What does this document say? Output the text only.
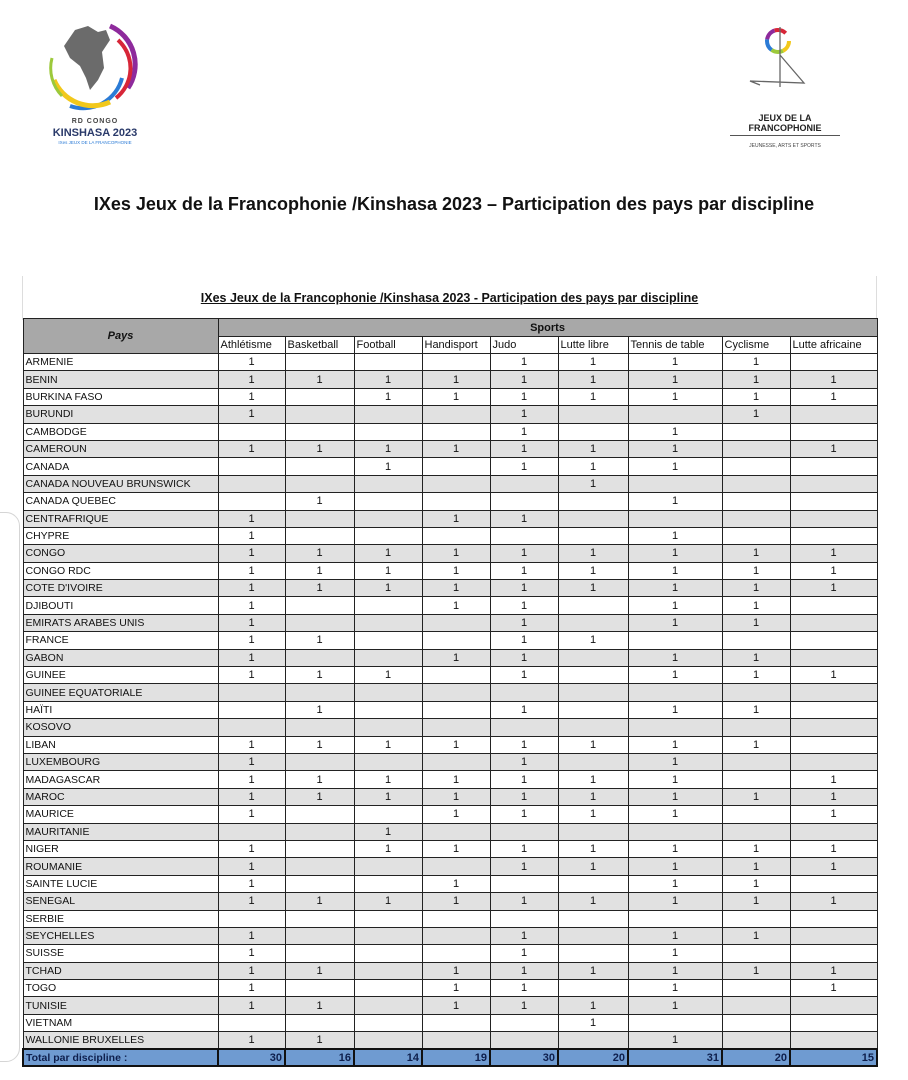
RD CONGO
KINSHASA 2023
IXes JEUX DE LA FRANCOPHONIE
JEUX DE LA
FRANCOPHONIE
JEUNESSE, ARTS ET SPORTS
IXes Jeux de la Francophonie /Kinshasa 2023 – Participation des pays par discipline
IXes Jeux de la Francophonie /Kinshasa 2023 - Participation des pays par discipline
Pays	Sports								
	Athlétisme	Basketball	Football	Handisport	Judo	Lutte libre	Tennis de table	Cyclisme	Lutte africaine
ARMENIE	1				1	1	1	1	
BENIN	1	1	1	1	1	1	1	1	1
BURKINA FASO	1		1	1	1	1	1	1	1
BURUNDI	1				1			1	
CAMBODGE					1		1		
CAMEROUN	1	1	1	1	1	1	1		1
CANADA			1		1	1	1		
CANADA NOUVEAU BRUNSWICK						1			
CANADA QUEBEC		1					1		
CENTRAFRIQUE	1			1	1				
CHYPRE	1						1		
CONGO	1	1	1	1	1	1	1	1	1
CONGO RDC	1	1	1	1	1	1	1	1	1
COTE D'IVOIRE	1	1	1	1	1	1	1	1	1
DJIBOUTI	1			1	1		1	1	
EMIRATS ARABES UNIS	1				1		1	1	
FRANCE	1	1			1	1			
GABON	1			1	1		1	1	
GUINEE	1	1	1		1		1	1	1
GUINEE EQUATORIALE									
HAÏTI		1			1		1	1	
KOSOVO									
LIBAN	1	1	1	1	1	1	1	1	
LUXEMBOURG	1				1		1		
MADAGASCAR	1	1	1	1	1	1	1		1
MAROC	1	1	1	1	1	1	1	1	1
MAURICE	1			1	1	1	1		1
MAURITANIE			1						
NIGER	1		1	1	1	1	1	1	1
ROUMANIE	1				1	1	1	1	1
SAINTE LUCIE	1			1			1	1	
SENEGAL	1	1	1	1	1	1	1	1	1
SERBIE									
SEYCHELLES	1				1		1	1	
SUISSE	1				1		1		
TCHAD	1	1		1	1	1	1	1	1
TOGO	1			1	1		1		1
TUNISIE	1	1		1	1	1	1		
VIETNAM						1			
WALLONIE BRUXELLES	1	1					1		
Total par discipline :	30	16	14	19	30	20	31	20	15
